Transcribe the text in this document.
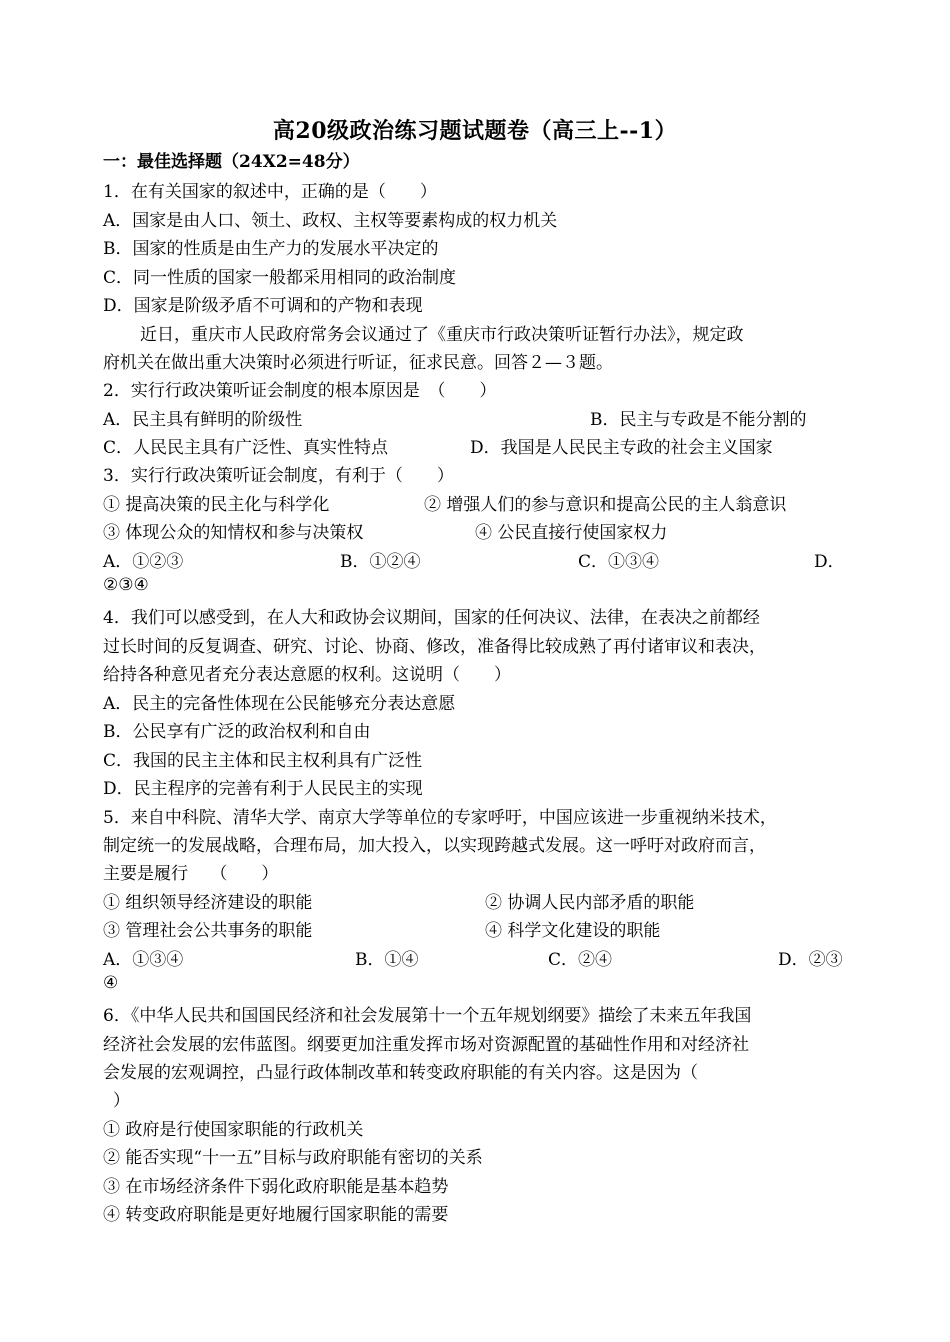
高20级政治练习题试题卷（高三上--1）
一：最佳选择题（24X2=48分）
1．在有关国家的叙述中，正确的是（　　）
A．国家是由人口、领土、政权、主权等要素构成的权力机关
B．国家的性质是由生产力的发展水平决定的
C．同一性质的国家一般都采用相同的政治制度
D．国家是阶级矛盾不可调和的产物和表现
近日，重庆市人民政府常务会议通过了《重庆市行政决策听证暂行办法》，规定政
府机关在做出重大决策时必须进行听证，征求民意。回答２—３题。
2．实行行政决策听证会制度的根本原因是　（　　）
A．民主具有鲜明的阶级性	B．民主与专政是不能分割的
C．人民民主具有广泛性、真实性特点	D．我国是人民民主专政的社会主义国家
3．实行行政决策听证会制度，有利于（　　）
① 提高决策的民主化与科学化	② 增强人们的参与意识和提高公民的主人翁意识
③ 体现公众的知情权和参与决策权	④ 公民直接行使国家权力
A．①②③	B．①②④	C．①③④	D．
②③④
4．我们可以感受到，在人大和政协会议期间，国家的任何决议、法律，在表决之前都经
过长时间的反复调查、研究、讨论、协商、修改，准备得比较成熟了再付诸审议和表决，
给持各种意见者充分表达意愿的权利。这说明（　　）
A．民主的完备性体现在公民能够充分表达意愿
B．公民享有广泛的政治权利和自由
C．我国的民主主体和民主权利具有广泛性
D．民主程序的完善有利于人民民主的实现
5．来自中科院、清华大学、南京大学等单位的专家呼吁，中国应该进一步重视纳米技术，
制定统一的发展战略，合理布局，加大投入，以实现跨越式发展。这一呼吁对政府而言，
主要是履行　 （　　）
① 组织领导经济建设的职能	② 协调人民内部矛盾的职能
③ 管理社会公共事务的职能	④ 科学文化建设的职能
A．①③④	B．①④	C．②④	D．②③
④
6．《中华人民共和国国民经济和社会发展第十一个五年规划纲要》描绘了未来五年我国
经济社会发展的宏伟蓝图。纲要更加注重发挥市场对资源配置的基础性作用和对经济社
会发展的宏观调控，凸显行政体制改革和转变政府职能的有关内容。这是因为（
）
① 政府是行使国家职能的行政机关
② 能否实现“十一五”目标与政府职能有密切的关系
③ 在市场经济条件下弱化政府职能是基本趋势
④ 转变政府职能是更好地履行国家职能的需要
